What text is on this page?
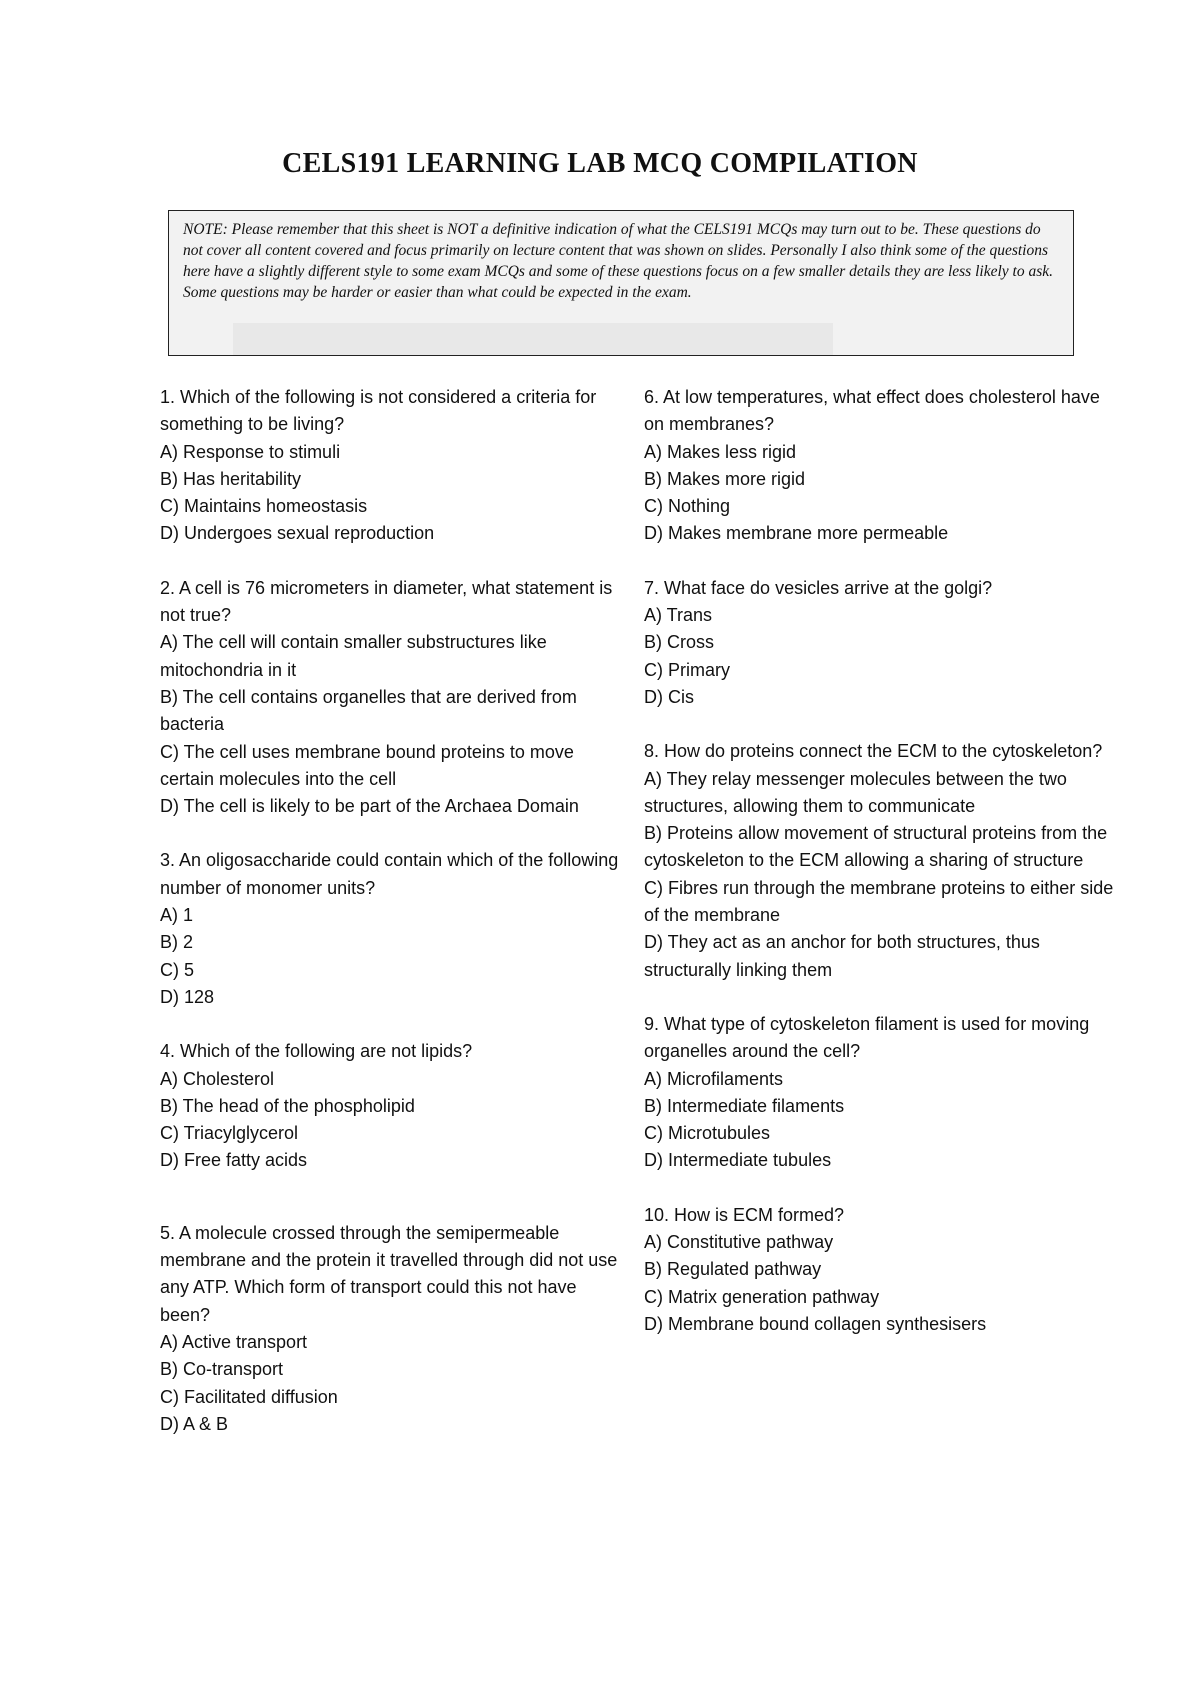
CELS191 LEARNING LAB MCQ COMPILATION

NOTE: Please remember that this sheet is NOT a definitive indication of what the CELS191 MCQs may turn out to be. These questions do not cover all content covered and focus primarily on lecture content that was shown on slides. Personally I also think some of the questions here have a slightly different style to some exam MCQs and some of these questions focus on a few smaller details they are less likely to ask. Some questions may be harder or easier than what could be expected in the exam.

1. Which of the following is not considered a criteria for something to be living?

A) Response to stimuli

B) Has heritability

C) Maintains homeostasis

D) Undergoes sexual reproduction

2. A cell is 76 micrometers in diameter, what statement is not true?

A) The cell will contain smaller substructures like mitochondria in it

B) The cell contains organelles that are derived from bacteria

C) The cell uses membrane bound proteins to move certain molecules into the cell

D) The cell is likely to be part of the Archaea Domain

3. An oligosaccharide could contain which of the following number of monomer units?

A) 1

B) 2

C) 5

D) 128

4. Which of the following are not lipids?

A) Cholesterol

B) The head of the phospholipid

C) Triacylglycerol

D) Free fatty acids

5. A molecule crossed through the semipermeable membrane and the protein it travelled through did not use any ATP. Which form of transport could this not have been?

A) Active transport

B) Co-transport

C) Facilitated diffusion

D) A & B

6. At low temperatures, what effect does cholesterol have on membranes?

A) Makes less rigid

B) Makes more rigid

C) Nothing

D) Makes membrane more permeable

7. What face do vesicles arrive at the golgi?

A) Trans

B) Cross

C) Primary

D) Cis

8. How do proteins connect the ECM to the cytoskeleton?

A) They relay messenger molecules between the two structures, allowing them to communicate

B) Proteins allow movement of structural proteins from the cytoskeleton to the ECM allowing a sharing of structure

C) Fibres run through the membrane proteins to either side of the membrane

D) They act as an anchor for both structures, thus structurally linking them

9. What type of cytoskeleton filament is used for moving organelles around the cell?

A) Microfilaments

B) Intermediate filaments

C) Microtubules

D) Intermediate tubules

10. How is ECM formed?

A) Constitutive pathway

B) Regulated pathway

C) Matrix generation pathway

D) Membrane bound collagen synthesisers
